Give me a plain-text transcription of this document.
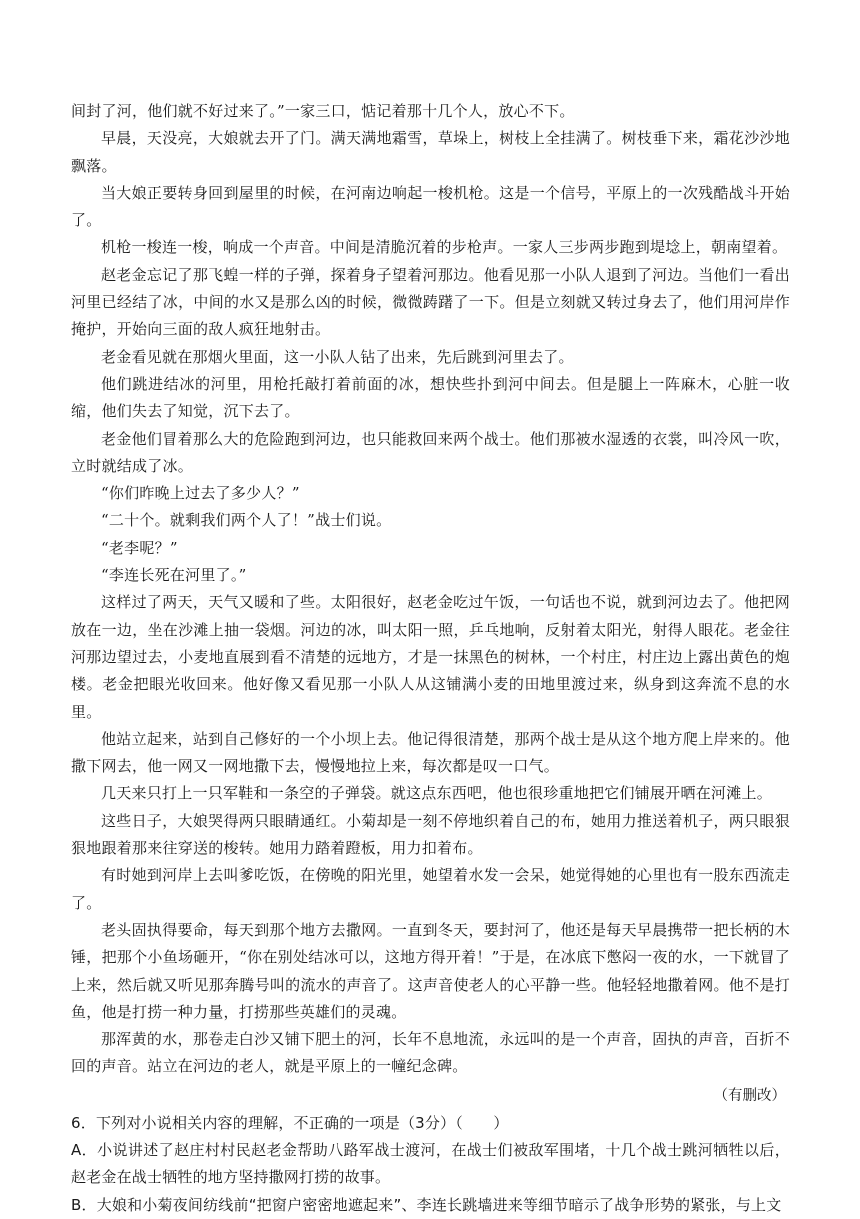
间封了河，他们就不好过来了。”一家三口，惦记着那十几个人，放心不下。

早晨，天没亮，大娘就去开了门。满天满地霜雪，草垛上，树枝上全挂满了。树枝垂下来，霜花沙沙地飘落。

当大娘正要转身回到屋里的时候，在河南边响起一梭机枪。这是一个信号，平原上的一次残酷战斗开始了。

机枪一梭连一梭，响成一个声音。中间是清脆沉着的步枪声。一家人三步两步跑到堤埝上，朝南望着。

赵老金忘记了那飞蝗一样的子弹，探着身子望着河那边。他看见那一小队人退到了河边。当他们一看出河里已经结了冰，中间的水又是那么凶的时候，微微踌躇了一下。但是立刻就又转过身去了，他们用河岸作掩护，开始向三面的敌人疯狂地射击。

老金看见就在那烟火里面，这一小队人钻了出来，先后跳到河里去了。

他们跳进结冰的河里，用枪托敲打着前面的冰，想快些扑到河中间去。但是腿上一阵麻木，心脏一收缩，他们失去了知觉，沉下去了。

老金他们冒着那么大的危险跑到河边，也只能救回来两个战士。他们那被水湿透的衣裳，叫冷风一吹，立时就结成了冰。

“你们昨晚上过去了多少人？”

“二十个。就剩我们两个人了！”战士们说。

“老李呢？”

“李连长死在河里了。”

这样过了两天，天气又暖和了些。太阳很好，赵老金吃过午饭，一句话也不说，就到河边去了。他把网放在一边，坐在沙滩上抽一袋烟。河边的冰，叫太阳一照，乒乓地响，反射着太阳光，射得人眼花。老金往河那边望过去，小麦地直展到看不清楚的远地方，才是一抹黑色的树林，一个村庄，村庄边上露出黄色的炮楼。老金把眼光收回来。他好像又看见那一小队人从这铺满小麦的田地里渡过来，纵身到这奔流不息的水里。

他站立起来，站到自己修好的一个小坝上去。他记得很清楚，那两个战士是从这个地方爬上岸来的。他撒下网去，他一网又一网地撒下去，慢慢地拉上来，每次都是叹一口气。

几天来只打上一只军鞋和一条空的子弹袋。就这点东西吧，他也很珍重地把它们铺展开晒在河滩上。

这些日子，大娘哭得两只眼睛通红。小菊却是一刻不停地织着自己的布，她用力推送着机子，两只眼狠狠地跟着那来往穿送的梭转。她用力踏着蹬板，用力扣着布。

有时她到河岸上去叫爹吃饭，在傍晚的阳光里，她望着水发一会呆，她觉得她的心里也有一股东西流走了。

老头固执得要命，每天到那个地方去撒网。一直到冬天，要封河了，他还是每天早晨携带一把长柄的木锤，把那个小鱼场砸开，“你在别处结冰可以，这地方得开着！”于是，在冰底下憋闷一夜的水，一下就冒了上来，然后就又听见那奔腾号叫的流水的声音了。这声音使老人的心平静一些。他轻轻地撒着网。他不是打鱼，他是打捞一种力量，打捞那些英雄们的灵魂。

那浑黄的水，那卷走白沙又铺下肥土的河，长年不息地流，永远叫的是一个声音，固执的声音，百折不回的声音。站立在河边的老人，就是平原上的一幢纪念碑。

（有删改）

6．下列对小说相关内容的理解，不正确的一项是（3分）（　　）

A．小说讲述了赵庄村村民赵老金帮助八路军战士渡河，在战士们被敌军围堵，十几个战士跳河牺牲以后，赵老金在战士牺牲的地方坚持撒网打捞的故事。

B．大娘和小菊夜间纺线前“把窗户密密地遮起来”、李连长跳墙进来等细节暗示了战争形势的紧张，与上文
